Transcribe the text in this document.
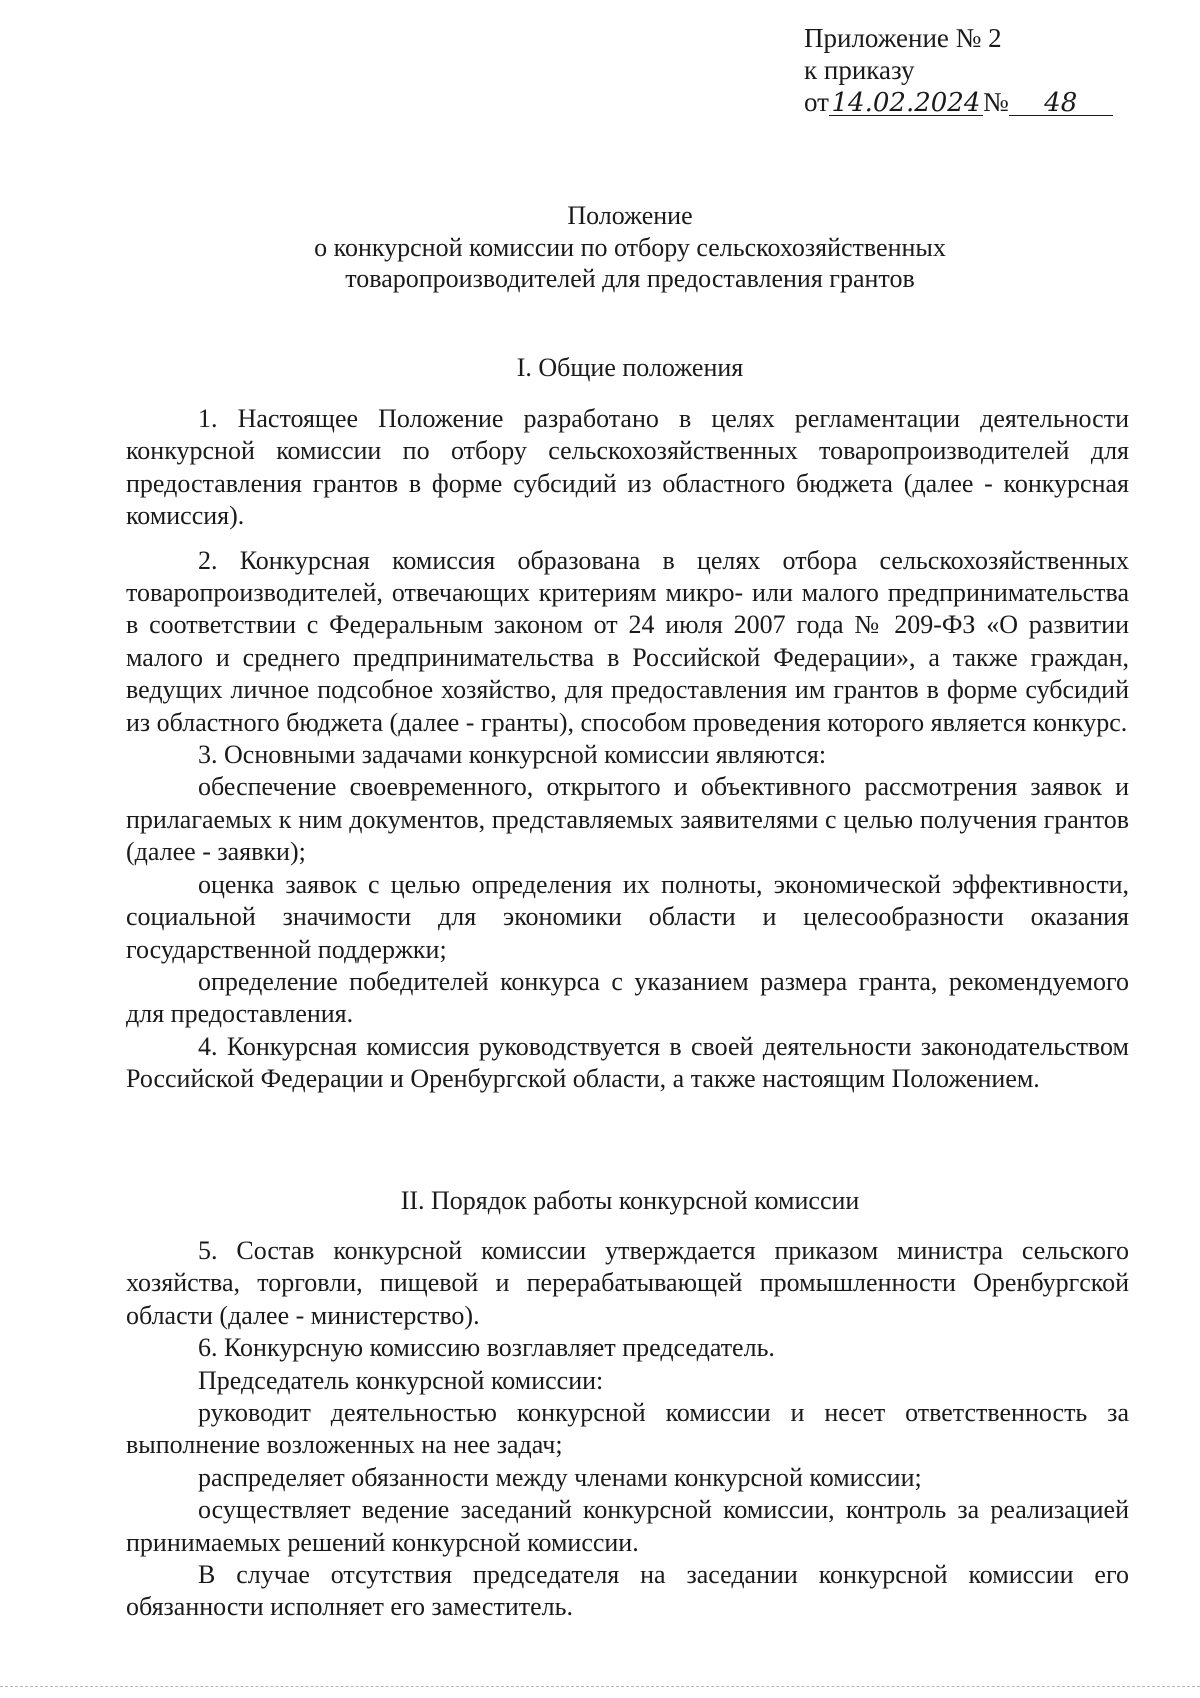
Приложение № 2
к приказу
от14.02.2024№ 48
Положение
о конкурсной комиссии по отбору сельскохозяйственных
товаропроизводителей для предоставления грантов
I. Общие положения

1. Настоящее Положение разработано в целях регламентации деятельности конкурсной комиссии по отбору сельскохозяйственных товаропроизводителей для предоставления грантов в форме субсидий из областного бюджета (далее - конкурсная комиссия).

2. Конкурсная комиссия образована в целях отбора сельскохозяйственных товаропроизводителей, отвечающих критериям микро- или малого предпринимательства в соответствии с Федеральным законом от 24 июля 2007 года № 209-ФЗ «О развитии малого и среднего предпринимательства в Российской Федерации», а также граждан, ведущих личное подсобное хозяйство, для предоставления им грантов в форме субсидий из областного бюджета (далее - гранты), способом проведения которого является конкурс.

3. Основными задачами конкурсной комиссии являются:

обеспечение своевременного, открытого и объективного рассмотрения заявок и прилагаемых к ним документов, представляемых заявителями с целью получения грантов (далее - заявки);

оценка заявок с целью определения их полноты, экономической эффективности, социальной значимости для экономики области и целесообразности оказания государственной поддержки;

определение победителей конкурса с указанием размера гранта, рекомендуемого для предоставления.

4. Конкурсная комиссия руководствуется в своей деятельности законодательством Российской Федерации и Оренбургской области, а также настоящим Положением.

II. Порядок работы конкурсной комиссии

5. Состав конкурсной комиссии утверждается приказом министра сельского хозяйства, торговли, пищевой и перерабатывающей промышленности Оренбургской области (далее - министерство).

6. Конкурсную комиссию возглавляет председатель.

Председатель конкурсной комиссии:

руководит деятельностью конкурсной комиссии и несет ответственность за выполнение возложенных на нее задач;

распределяет обязанности между членами конкурсной комиссии;

осуществляет ведение заседаний конкурсной комиссии, контроль за реализацией принимаемых решений конкурсной комиссии.

В случае отсутствия председателя на заседании конкурсной комиссии его обязанности исполняет его заместитель.
